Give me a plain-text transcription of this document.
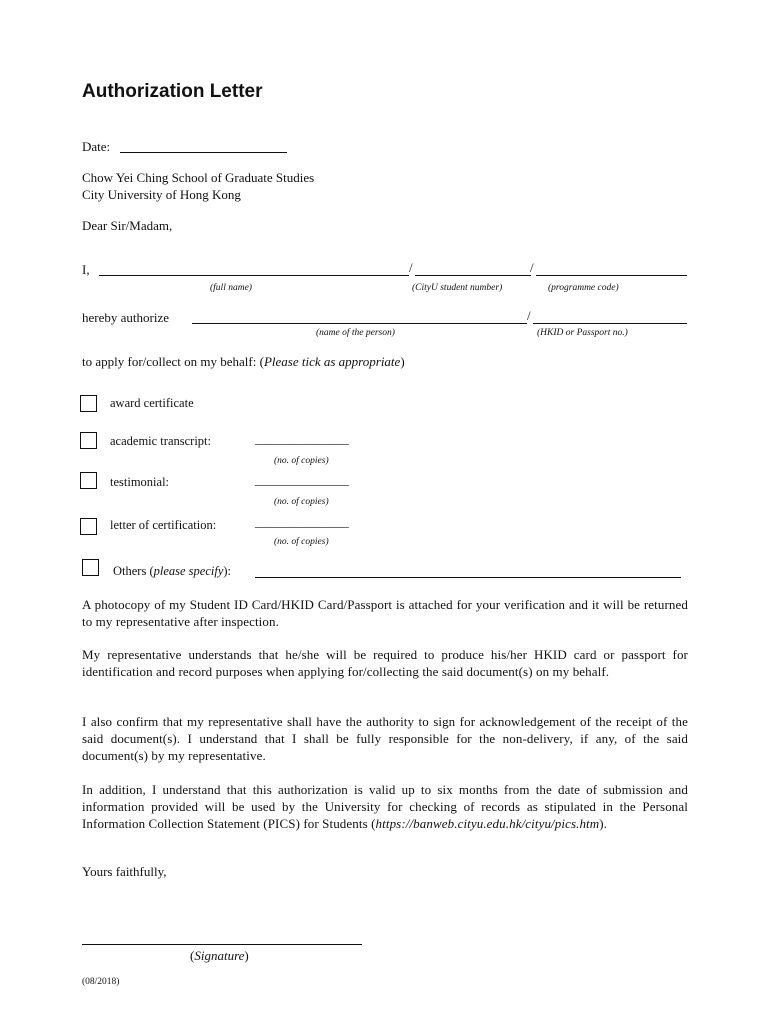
Authorization Letter
Date:
Chow Yei Ching School of Graduate Studies
City University of Hong Kong
Dear Sir/Madam,
I,	/	/
(full name)	(CityU student number)	(programme code)
hereby authorize	/
(name of the person)	(HKID or Passport no.)
to apply for/collect on my behalf: (Please tick as appropriate)
award certificate
academic transcript:	_______________
(no. of copies)
testimonial:	_______________
(no. of copies)
letter of certification:	_______________
(no. of copies)
Others (please specify):
A photocopy of my Student ID Card/HKID Card/Passport is attached for your verification and it will be returned to my representative after inspection.
My representative understands that he/she will be required to produce his/her HKID card or passport for identification and record purposes when applying for/collecting the said document(s) on my behalf.
I also confirm that my representative shall have the authority to sign for acknowledgement of the receipt of the said document(s). I understand that I shall be fully responsible for the non-delivery, if any, of the said document(s) by my representative.
In addition, I understand that this authorization is valid up to six months from the date of submission and information provided will be used by the University for checking of records as stipulated in the Personal Information Collection Statement (PICS) for Students (https://banweb.cityu.edu.hk/cityu/pics.htm).
Yours faithfully,
(Signature)
(08/2018)
